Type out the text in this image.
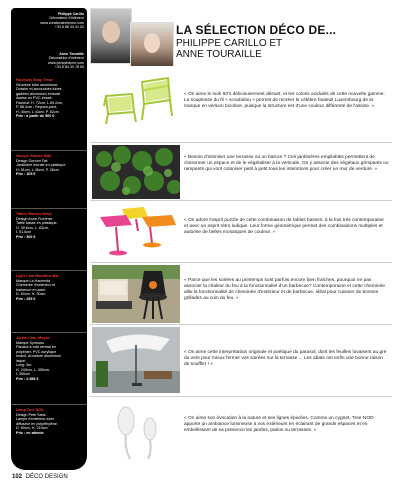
Philippe Carillo
Décorateur d'intérieur
www.creationsinterieur.com
+33 6 88 43 41 02
Anne Touraille
Décoratrice d'intérieur
www.perspectime.com
+33 6 84 30 78 55
Fauteuils Easy Teepe
Structure tube aluminium;
Dossier et accoudoirs tubes
galbées aluminium extrudé.
Assise en PVC tressé.
Fauteuil: H. 72cm, L.69,2cm,
P. 86,4cm ; Repose-pied,
H. 40cm, L 43cm, P. 62cm
Prix : à partir de 560 €
Vasque Garden Wall
Design Gordon Tait
Jardinière murale en plastique
H. 51cm, L 46cm, P. 26cm
Prix : 105 €
Tables Basses Roka
Design Anne-Florence
Table basse en plastique.
H. 39,6cm, L. 63cm,
I. 51,6cm
Prix : 306 €
Light Chat Mauritius Bar
Marque La Hacienda
Cheminée d'extérieur et
barbecue en acier
D. 60cm, H. 90cm
Prix : 299 €
Jardin Chic, Moyen
Marque Symowa
Parasol à mât central en
polyester, PVC acrylique
enduit. Armature aluminium
laqué.
Long: 5m.
H. 245cm, L. 350cm,
I. 350cm
Prix : 2.589 €
Lamp Tree NOD
Design Pete Sans
Lampe d'extérieur avec
diffuseur en polyéthylène.
D. 60cm, H. 210cm
Prix : en attente
LA SÉLECTION DÉCO DE...
PHILIPPE CARILLO ET
ANNE TOURAILLE
« On aime le look 60's délicieusement désuet, et les coloris acidulés de cette nouvelle gamme. La souplesse du fil « scoubidou » permet de recréer le célèbre fauteuil Luxembourg de la marque en version bicolore, puisque la structure est d'une couleur différente de l'assise. »
« Besoin d'intimiser une terrasse ou un balcon ? Ces jardinières empilables permettent de cloisonner un espace et de le végétaliser à la verticale. On y associe des végétaux grimpants ou rampants qui vont coloniser petit à petit tous les interstices pour créer un mur de verdure. »
« On adore l'esprit puzzle de cette combinaison de tables basses, à la fois très contemporaine et avec un esprit rétro ludique. Leur forme géométrique permet des combinaisons multiples et autorise de belles mosaïques de couleur. »
« Parce que les soirées au printemps sont parfois encore bien fraîches, pourquoi ne pas associer la chaleur du feu à la fonctionnalité d'un barbecue? Contemporaine et cette cheminée allie la fonctionnalité de cheminée d'extérieur et de barbecue, idéal pour cuisiner de bonnes grillades au coin du feu. »
« On aime cette interprétation originale et poétique du parasol, dont les feuilles lovaisent au gré du vent pour mieux fermer vos soirées sur la terrasse ... Les abats ont enfin une bonne raison de souffler ! »
« On aime son évocation à la nature et ses lignes épurées. Comme un cygnet, Tree NOD apporte un ambiance lumineuse à vos extérieurs en éclairant de grands espaces et en embellissant de sa présence les jardins, patios ou terrasses. »
102 DÉCO DESIGN
